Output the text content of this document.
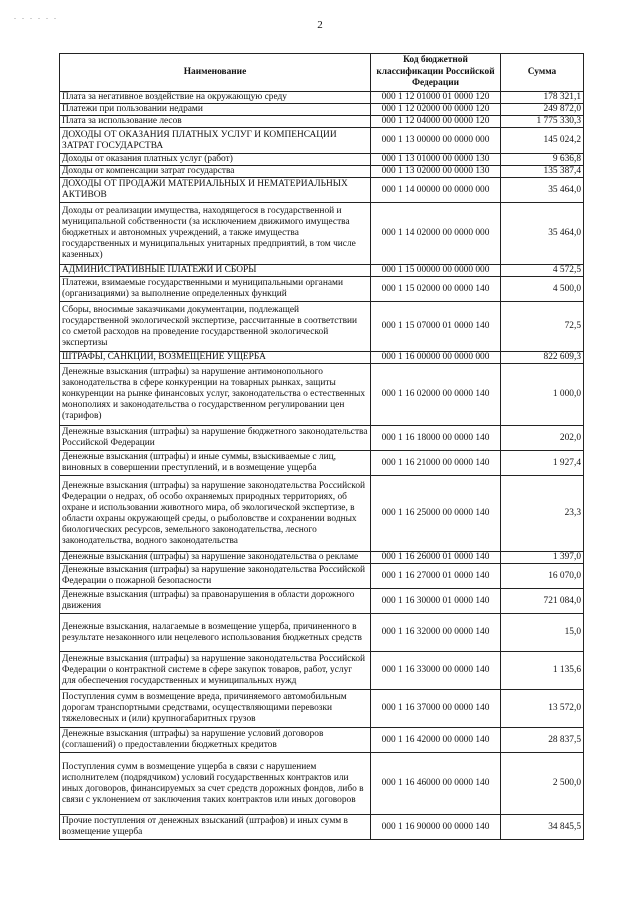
. . . . . .
2
Наименование	Код бюджетной классификации Российской Федерации	Сумма
Плата за негативное воздействие на окружающую среду	000 1 12 01000 01 0000 120	178 321,1
Платежи при пользовании недрами	000 1 12 02000 00 0000 120	249 872,0
Плата за использование лесов	000 1 12 04000 00 0000 120	1 775 330,3
ДОХОДЫ ОТ ОКАЗАНИЯ ПЛАТНЫХ УСЛУГ И КОМПЕНСАЦИИ ЗАТРАТ ГОСУДАРСТВА	000 1 13 00000 00 0000 000	145 024,2
Доходы от оказания платных услуг (работ)	000 1 13 01000 00 0000 130	9 636,8
Доходы от компенсации затрат государства	000 1 13 02000 00 0000 130	135 387,4
ДОХОДЫ ОТ ПРОДАЖИ МАТЕРИАЛЬНЫХ И НЕМАТЕРИАЛЬНЫХ АКТИВОВ	000 1 14 00000 00 0000 000	35 464,0
Доходы от реализации имущества, находящегося в государственной и муниципальной собственности (за исключением движимого имущества бюджетных и автономных учреждений, а также имущества государственных и муниципальных унитарных предприятий, в том числе казенных)	000 1 14 02000 00 0000 000	35 464,0
АДМИНИСТРАТИВНЫЕ ПЛАТЕЖИ И СБОРЫ	000 1 15 00000 00 0000 000	4 572,5
Платежи, взимаемые государственными и муниципальными органами (организациями) за выполнение определенных функций	000 1 15 02000 00 0000 140	4 500,0
Сборы, вносимые заказчиками документации, подлежащей государственной экологической экспертизе, рассчитанные в соответствии со сметой расходов на проведение государственной экологической экспертизы	000 1 15 07000 01 0000 140	72,5
ШТРАФЫ, САНКЦИИ, ВОЗМЕЩЕНИЕ УЩЕРБА	000 1 16 00000 00 0000 000	822 609,3
Денежные взыскания (штрафы) за нарушение антимонопольного законодательства в сфере конкуренции на товарных рынках, защиты конкуренции на рынке финансовых услуг, законодательства о естественных монополиях и законодательства о государственном регулировании цен (тарифов)	000 1 16 02000 00 0000 140	1 000,0
Денежные взыскания (штрафы) за нарушение бюджетного законодательства Российской Федерации	000 1 16 18000 00 0000 140	202,0
Денежные взыскания (штрафы) и иные суммы, взыскиваемые с лиц, виновных в совершении преступлений, и в возмещение ущерба	000 1 16 21000 00 0000 140	1 927,4
Денежные взыскания (штрафы) за нарушение законодательства Российской Федерации о недрах, об особо охраняемых природных территориях, об охране и использовании животного мира, об экологической экспертизе, в области охраны окружающей среды, о рыболовстве и сохранении водных биологических ресурсов, земельного законодательства, лесного законодательства, водного законодательства	000 1 16 25000 00 0000 140	23,3
Денежные взыскания (штрафы) за нарушение законодательства о рекламе	000 1 16 26000 01 0000 140	1 397,0
Денежные взыскания (штрафы) за нарушение законодательства Российской Федерации о пожарной безопасности	000 1 16 27000 01 0000 140	16 070,0
Денежные взыскания (штрафы) за правонарушения в области дорожного движения	000 1 16 30000 01 0000 140	721 084,0
Денежные взыскания, налагаемые в возмещение ущерба, причиненного в результате незаконного или нецелевого использования бюджетных средств	000 1 16 32000 00 0000 140	15,0
Денежные взыскания (штрафы) за нарушение законодательства Российской Федерации о контрактной системе в сфере закупок товаров, работ, услуг для обеспечения государственных и муниципальных нужд	000 1 16 33000 00 0000 140	1 135,6
Поступления сумм в возмещение вреда, причиняемого автомобильным дорогам транспортными средствами, осуществляющими перевозки тяжеловесных и (или) крупногабаритных грузов	000 1 16 37000 00 0000 140	13 572,0
Денежные взыскания (штрафы) за нарушение условий договоров (соглашений) о предоставлении бюджетных кредитов	000 1 16 42000 00 0000 140	28 837,5
Поступления сумм в возмещение ущерба в связи с нарушением исполнителем (подрядчиком) условий государственных контрактов или иных договоров, финансируемых за счет средств дорожных фондов, либо в связи с уклонением от заключения таких контрактов или иных договоров	000 1 16 46000 00 0000 140	2 500,0
Прочие поступления от денежных взысканий (штрафов) и иных сумм в возмещение ущерба	000 1 16 90000 00 0000 140	34 845,5
